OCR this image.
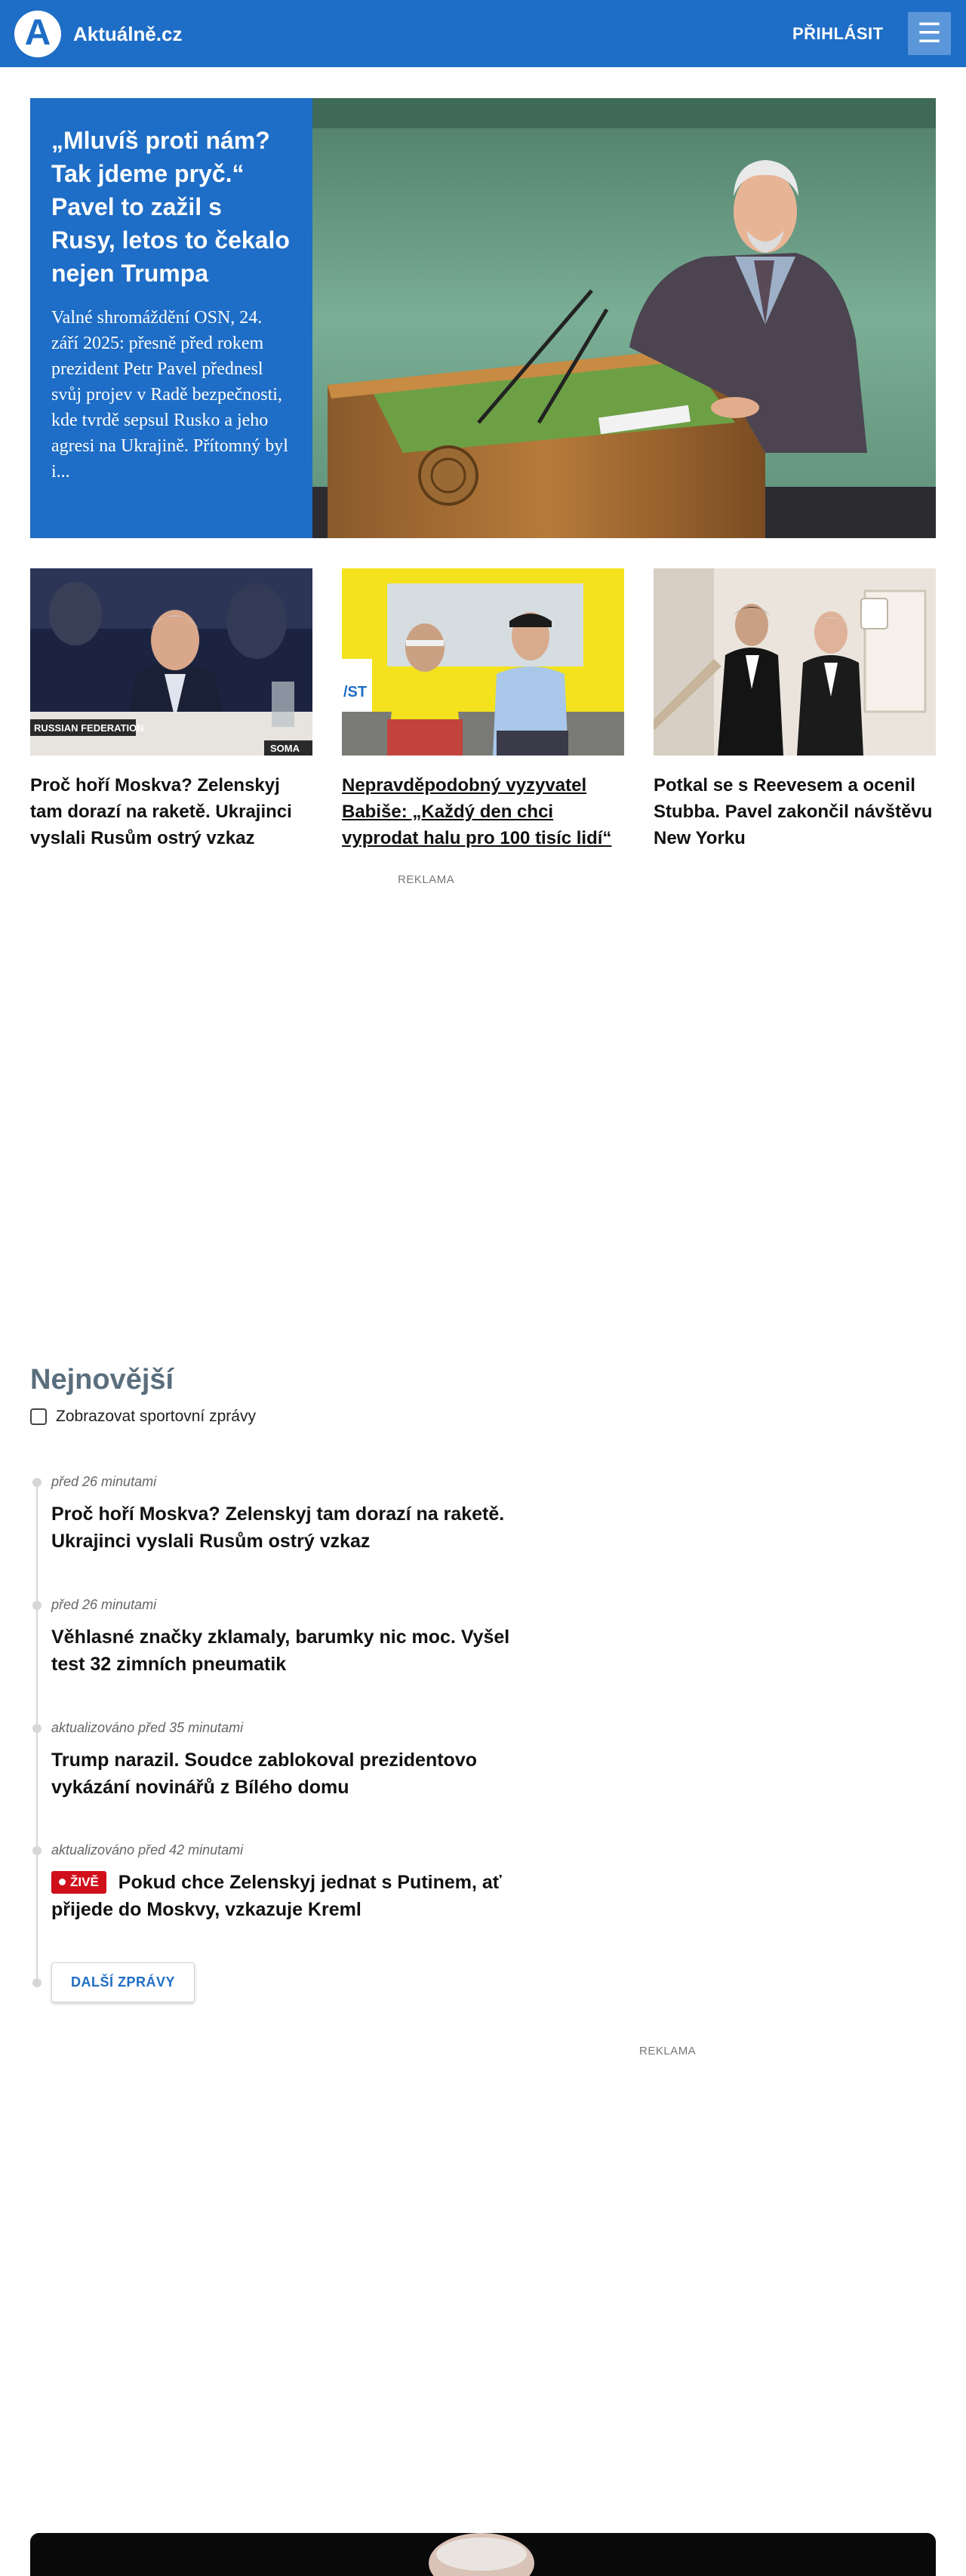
A	Aktuálně.cz	PŘIHLÁSIT	☰
„Mluvíš proti nám? Tak jdeme pryč.“ Pavel to zažil s Rusy, letos to čekalo nejen Trumpa
Valné shromáždění OSN, 24. září 2025: přesně před rokem prezident Petr Pavel přednesl svůj projev v Radě bezpečnosti, kde tvrdě sepsul Rusko a jeho agresi na Ukrajině. Přítomný byl i...
RUSSIAN FEDERATION
SOMA
Proč hoří Moskva? Zelenskyj tam dorazí na raketě. Ukrajinci vyslali Rusům ostrý vzkaz
/ST
Nepravděpodobný vyzyvatel Babiše: „Každý den chci vyprodat halu pro 100 tisíc lidí“
Potkal se s Reevesem a ocenil Stubba. Pavel zakončil návštěvu New Yorku
REKLAMA
Nejnovější
Zobrazovat sportovní zprávy
před 26 minutami
Proč hoří Moskva? Zelenskyj tam dorazí na raketě. Ukrajinci vyslali Rusům ostrý vzkaz
před 26 minutami
Věhlasné značky zklamaly, barumky nic moc. Vyšel test 32 zimních pneumatik
aktualizováno před 35 minutami
Trump narazil. Soudce zablokoval prezidentovo vykázání novinářů z Bílého domu
aktualizováno před 42 minutami
ŽIVĚ Pokud chce Zelenskyj jednat s Putinem, ať přijede do Moskvy, vzkazuje Kreml
DALŠÍ ZPRÁVY
REKLAMA
